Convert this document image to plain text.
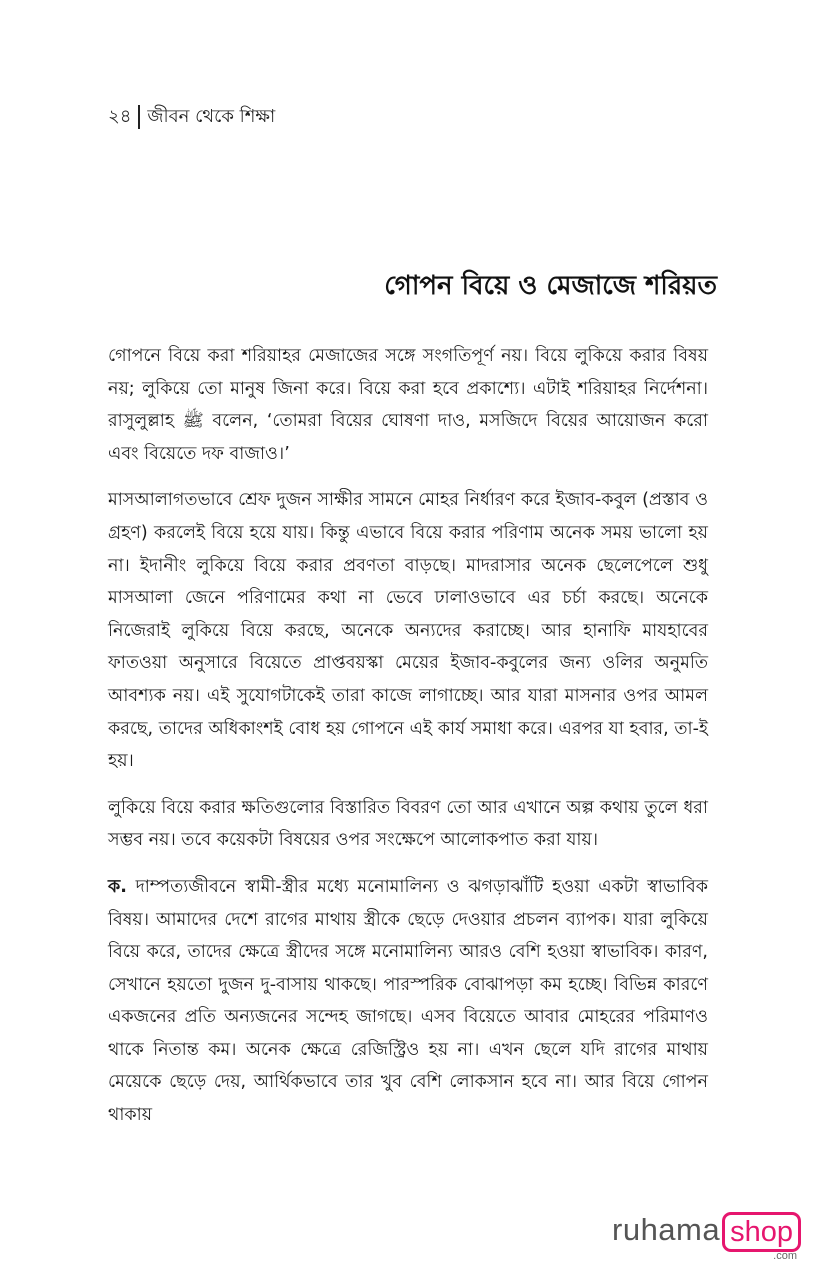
২৪ জীবন থেকে শিক্ষা
গোপন বিয়ে ও মেজাজে শরিয়ত

গোপনে বিয়ে করা শরিয়াহর মেজাজের সঙ্গে সংগতিপূর্ণ নয়। বিয়ে লুকিয়ে করার বিষয় নয়; লুকিয়ে তো মানুষ জিনা করে। বিয়ে করা হবে প্রকাশ্যে। এটাই শরিয়াহর নির্দেশনা। রাসুলুল্লাহ ﷺ বলেন, ‘তোমরা বিয়ের ঘোষণা দাও, মসজিদে বিয়ের আয়োজন করো এবং বিয়েতে দফ বাজাও।’

মাসআলাগতভাবে শ্রেফ দুজন সাক্ষীর সামনে মোহর নির্ধারণ করে ইজাব-কবুল (প্রস্তাব ও গ্রহণ) করলেই বিয়ে হয়ে যায়। কিন্তু এভাবে বিয়ে করার পরিণাম অনেক সময় ভালো হয় না। ইদানীং লুকিয়ে বিয়ে করার প্রবণতা বাড়ছে। মাদরাসার অনেক ছেলেপেলে শুধু মাসআলা জেনে পরিণামের কথা না ভেবে ঢালাওভাবে এর চর্চা করছে। অনেকে নিজেরাই লুকিয়ে বিয়ে করছে, অনেকে অন্যদের করাচ্ছে। আর হানাফি মাযহাবের ফাতওয়া অনুসারে বিয়েতে প্রাপ্তবয়স্কা মেয়ের ইজাব-কবুলের জন্য ওলির অনুমতি আবশ্যক নয়। এই সুযোগটাকেই তারা কাজে লাগাচ্ছে। আর যারা মাসনার ওপর আমল করছে, তাদের অধিকাংশই বোধ হয় গোপনে এই কার্য সমাধা করে। এরপর যা হবার, তা-ই হয়।

লুকিয়ে বিয়ে করার ক্ষতিগুলোর বিস্তারিত বিবরণ তো আর এখানে অল্প কথায় তুলে ধরা সম্ভব নয়। তবে কয়েকটা বিষয়ের ওপর সংক্ষেপে আলোকপাত করা যায়।

ক. দাম্পত্যজীবনে স্বামী-স্ত্রীর মধ্যে মনোমালিন্য ও ঝগড়াঝাঁটি হওয়া একটা স্বাভাবিক বিষয়। আমাদের দেশে রাগের মাথায় স্ত্রীকে ছেড়ে দেওয়ার প্রচলন ব্যাপক। যারা লুকিয়ে বিয়ে করে, তাদের ক্ষেত্রে স্ত্রীদের সঙ্গে মনোমালিন্য আরও বেশি হওয়া স্বাভাবিক। কারণ, সেখানে হয়তো দুজন দু-বাসায় থাকছে। পারস্পরিক বোঝাপড়া কম হচ্ছে। বিভিন্ন কারণে একজনের প্রতি অন্যজনের সন্দেহ জাগছে। এসব বিয়েতে আবার মোহরের পরিমাণও থাকে নিতান্ত কম। অনেক ক্ষেত্রে রেজিস্ট্রিও হয় না। এখন ছেলে যদি রাগের মাথায় মেয়েকে ছেড়ে দেয়, আর্থিকভাবে তার খুব বেশি লোকসান হবে না। আর বিয়ে গোপন থাকায়

ruhama shop
.com
